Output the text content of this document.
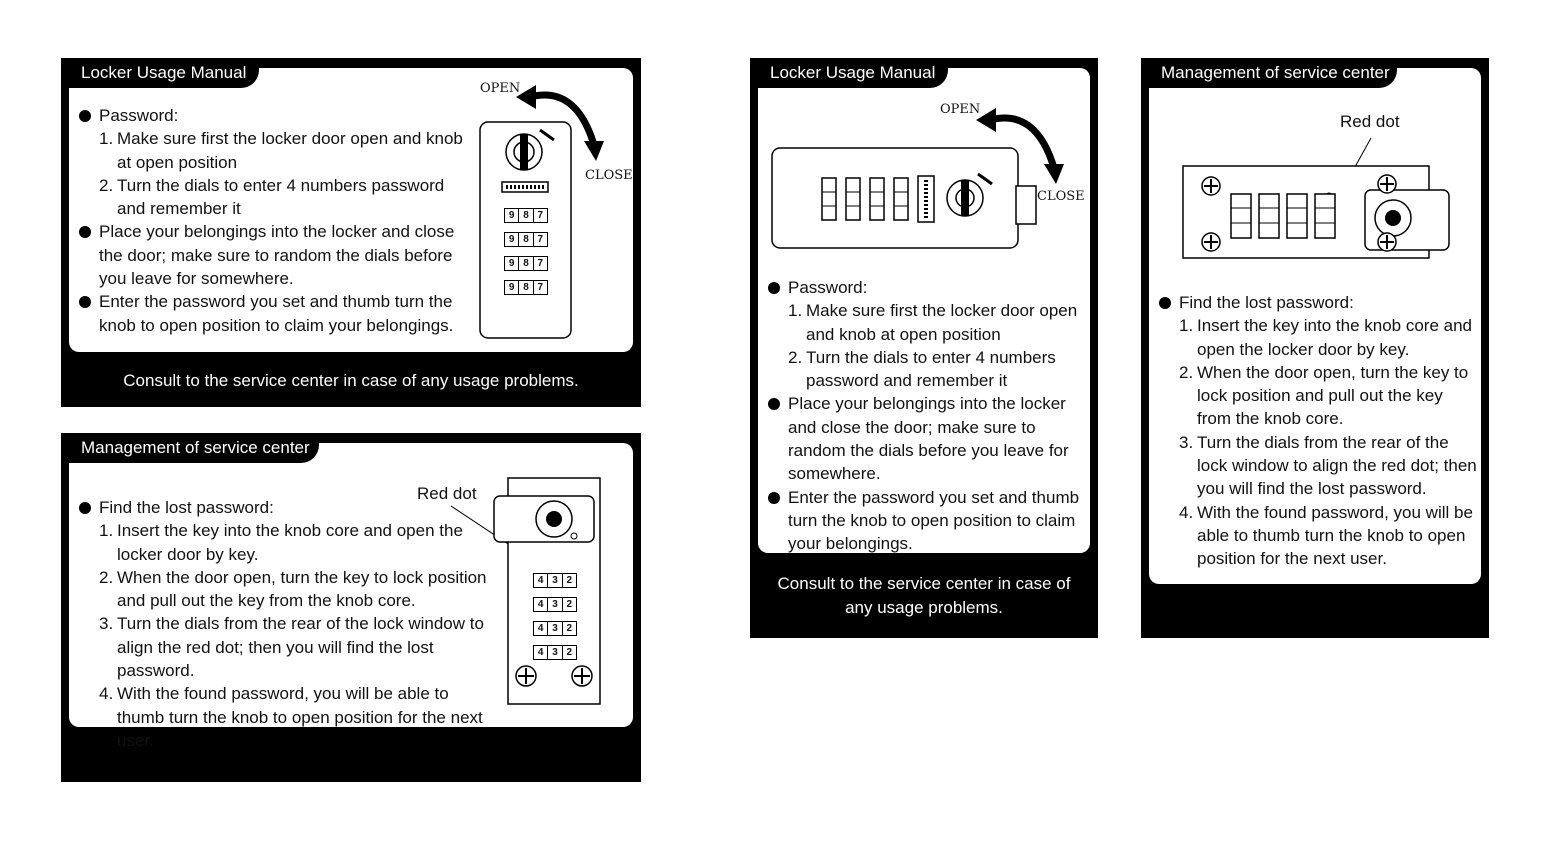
Locker Usage Manual
Consult to the service center in case of any usage problems.
Password:
1. Make sure first the locker door open and knob at open position
2. Turn the dials to enter 4 numbers password and remember it
Place your belongings into the locker and close the door; make sure to random the dials before you leave for somewhere.
Enter the password you set and thumb turn the knob to open position to claim your belongings.
OPEN
CLOSE
9 8 7
9 8 7
9 8 7
9 8 7
Management of service center
Find the lost password:
1. Insert the key into the knob core and open the locker door by key.
2. When the door open, turn the key to lock position and pull out the key from the knob core.
3. Turn the dials from the rear of the lock window to align the red dot; then you will find the lost password.
4. With the found password, you will be able to thumb turn the knob to open position for the next user.
Red dot
4 3 2
4 3 2
4 3 2
4 3 2
Locker Usage Manual
Consult to the service center in case of any usage problems.
OPEN
CLOSE
Password:
1. Make sure first the locker door open and knob at open position
2. Turn the dials to enter 4 numbers password and remember it
Place your belongings into the locker and close the door; make sure to random the dials before you leave for somewhere.
Enter the password you set and thumb turn the knob to open position to claim your belongings.
Management of service center
Red dot
Find the lost password:
1. Insert the key into the knob core and open the locker door by key.
2. When the door open, turn the key to lock position and pull out the key from the knob core.
3. Turn the dials from the rear of the lock window to align the red dot; then you will find the lost password.
4. With the found password, you will be able to thumb turn the knob to open position for the next user.
